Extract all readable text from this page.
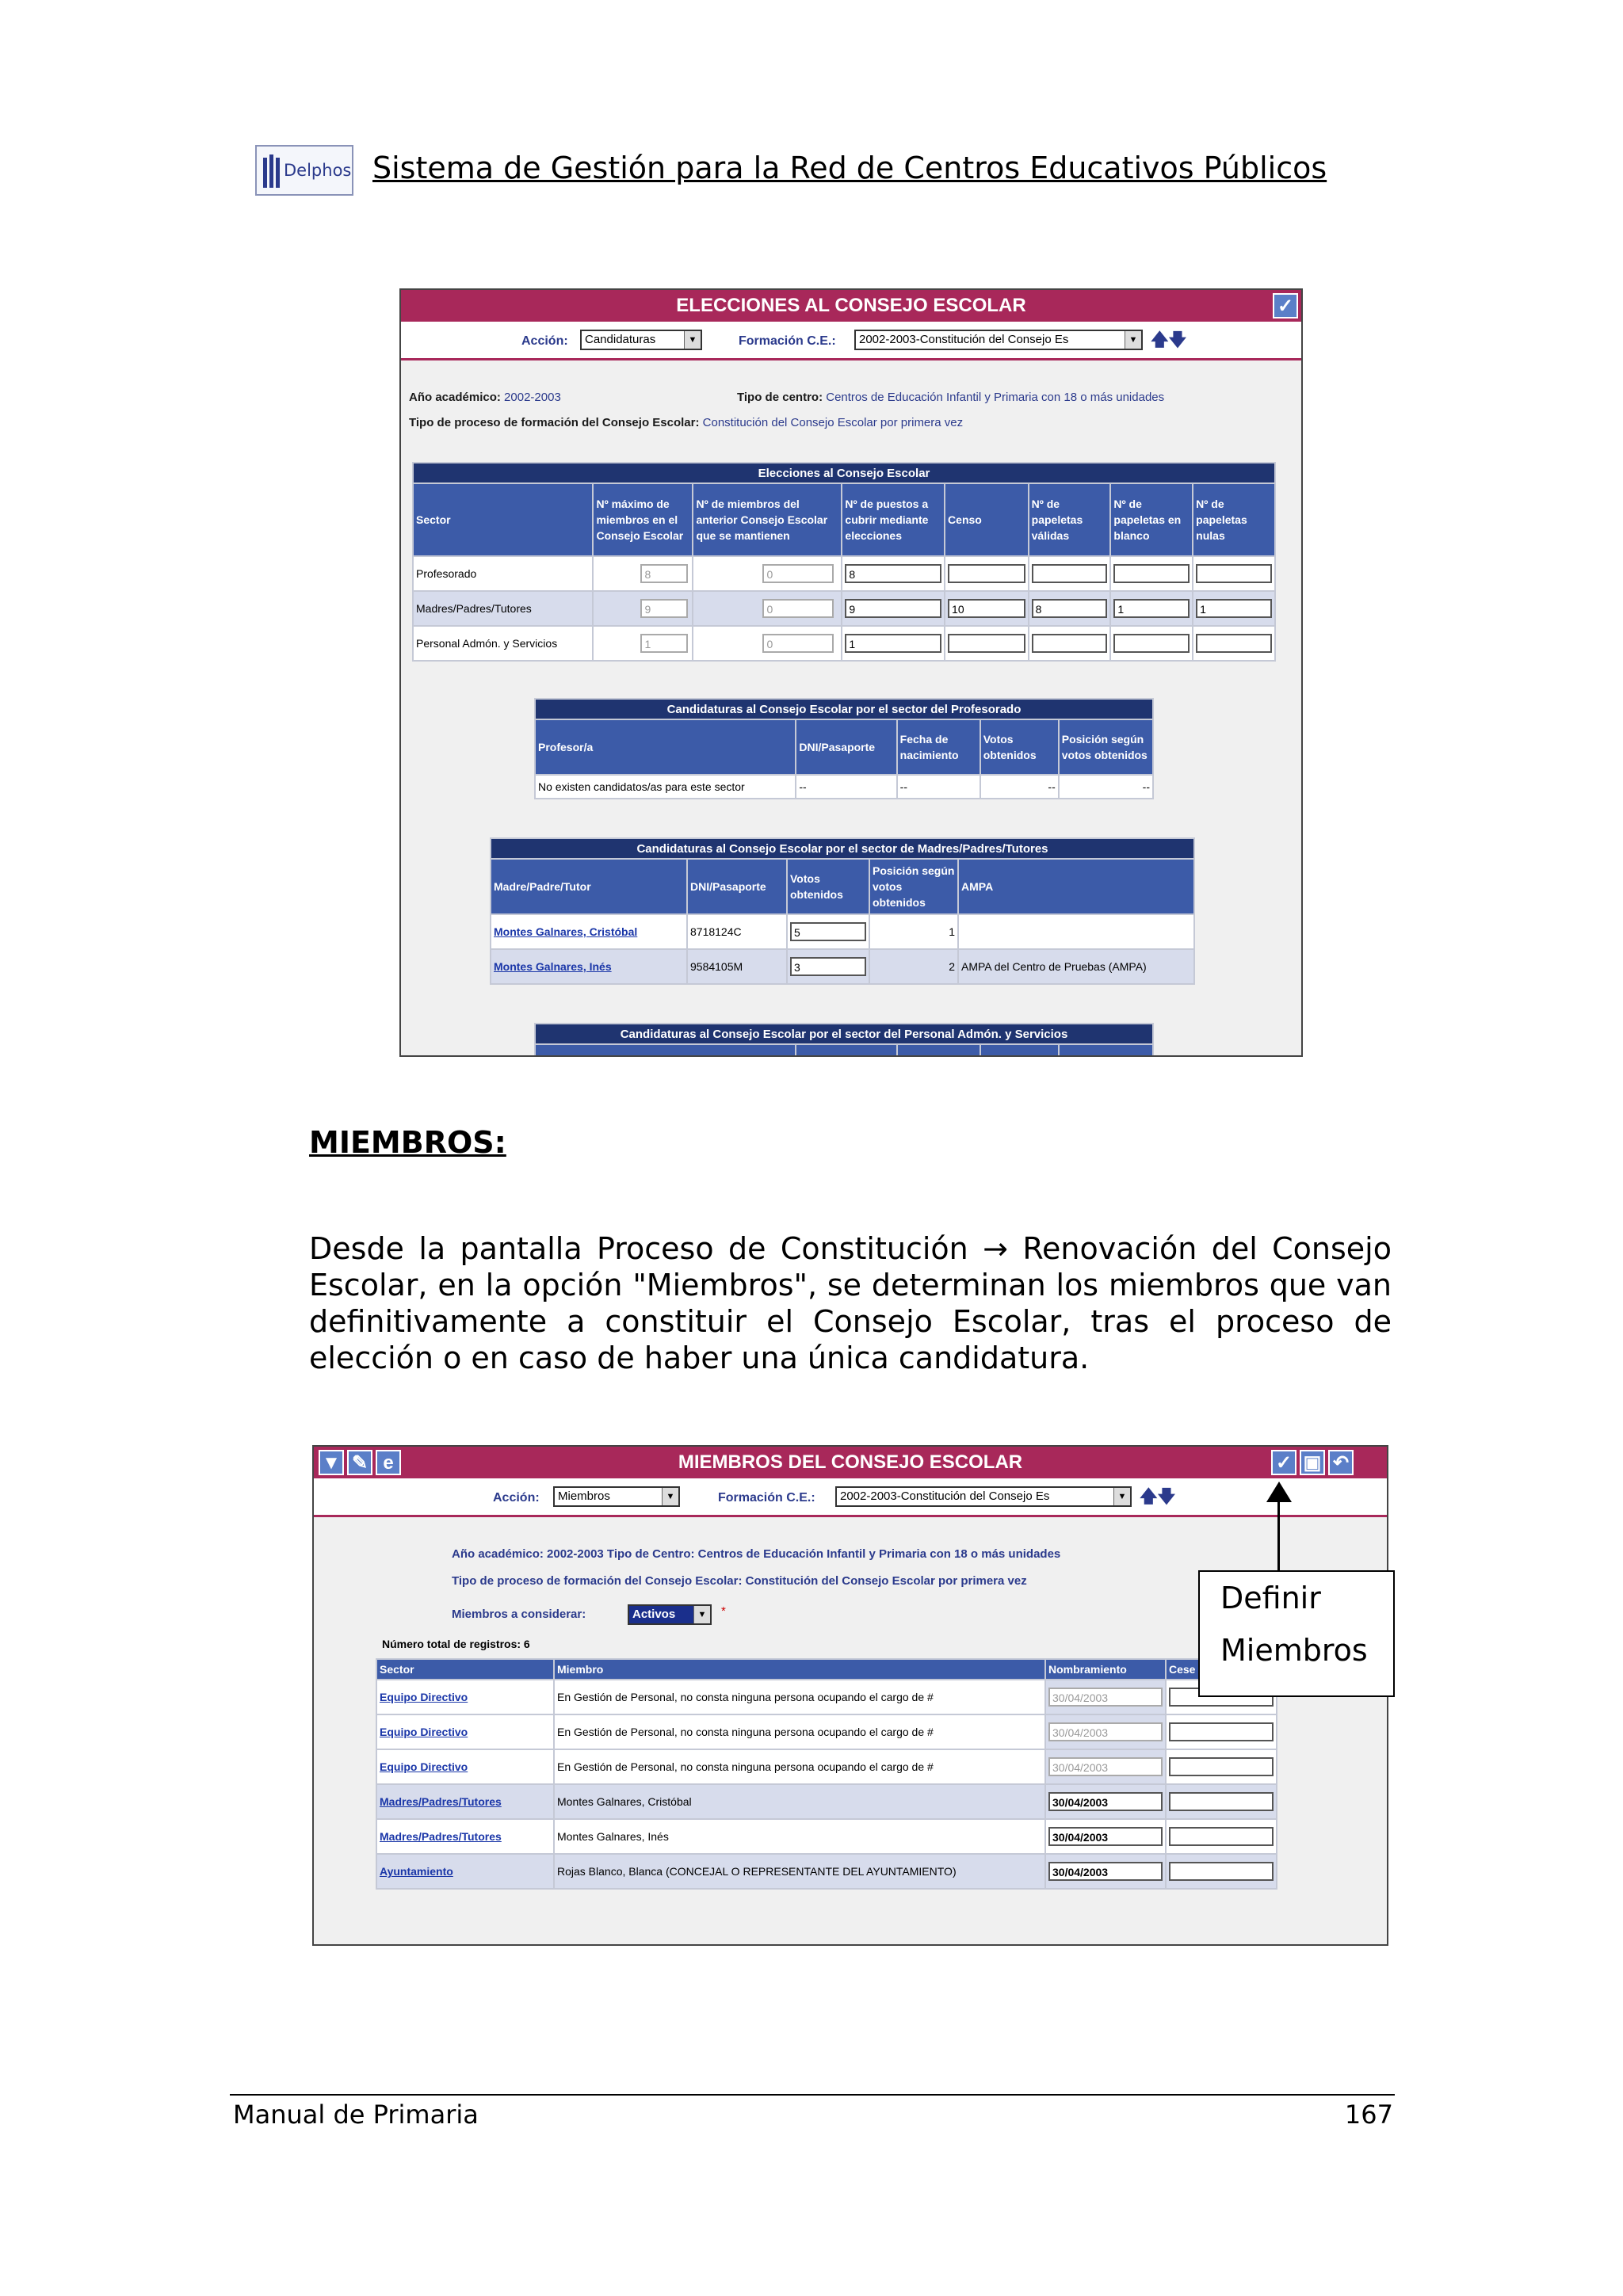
Delphos Sistema de Gestión para la Red de Centros Educativos Públicos
ELECCIONES AL CONSEJO ESCOLAR	✓
Acción:	Candidaturas	▼	Formación C.E.:	2002-2003-Constitución del Consejo Es	▼ 🡅🡇
Año académico: 2002-2003	Tipo de centro: Centros de Educación Infantil y Primaria con 18 o más unidades
Tipo de proceso de formación del Consejo Escolar: Constitución del Consejo Escolar por primera vez
Elecciones al Consejo Escolar							
Sector	Nº máximo de miembros en el Consejo Escolar	Nº de miembros del anterior Consejo Escolar que se mantienen	Nº de puestos a cubrir mediante elecciones	Censo	Nº de papeletas válidas	Nº de papeletas en blanco	Nº de papeletas nulas
Profesorado	8	0	8				

Madres/Padres/Tutores	9	0	9	10	8	1	1

Personal Admón. y Servicios	1	0	1				

Candidaturas al Consejo Escolar por el sector del Profesorado				
Profesor/a	DNI/Pasaporte	Fecha de nacimiento	Votos obtenidos	Posición según votos obtenidos
No existen candidatos/as para este sector	--	--	--	--
Candidaturas al Consejo Escolar por el sector de Madres/Padres/Tutores				
Madre/Padre/Tutor	DNI/Pasaporte	Votos obtenidos	Posición según votos obtenidos	AMPA
Montes Galnares, Cristóbal	8718124C	5	1	
Montes Galnares, Inés	9584105M	3	2	AMPA del Centro de Pruebas (AMPA)
Candidaturas al Consejo Escolar por el sector del Personal Admón. y Servicios

MIEMBROS:
Desde la pantalla Proceso de Constitución → Renovación del Consejo Escolar, en la opción "Miembros", se determinan los miembros que van definitivamente a constituir el Consejo Escolar, tras el proceso de elección o en caso de haber una única candidatura.
▼ ✎ e	MIEMBROS DEL CONSEJO ESCOLAR	✓ ▣ ↶
Acción:	Miembros	▼	Formación C.E.:	2002-2003-Constitución del Consejo Es	▼ 🡅🡇
Año académico: 2002-2003 Tipo de Centro: Centros de Educación Infantil y Primaria con 18 o más unidades
Tipo de proceso de formación del Consejo Escolar: Constitución del Consejo Escolar por primera vez
Miembros a considerar:	Activos	▼	*
Número total de registros: 6
Sector	Miembro	Nombramiento	Cese
Equipo Directivo	En Gestión de Personal, no consta ninguna persona ocupando el cargo de #	30/04/2003	

Equipo Directivo	En Gestión de Personal, no consta ninguna persona ocupando el cargo de #	30/04/2003	

Equipo Directivo	En Gestión de Personal, no consta ninguna persona ocupando el cargo de #	30/04/2003	

Madres/Padres/Tutores	Montes Galnares, Cristóbal	30/04/2003	

Madres/Padres/Tutores	Montes Galnares, Inés	30/04/2003	

Ayuntamiento	Rojas Blanco, Blanca (CONCEJAL O REPRESENTANTE DEL AYUNTAMIENTO)	30/04/2003	

Definir
Miembros
Manual de Primaria	167
